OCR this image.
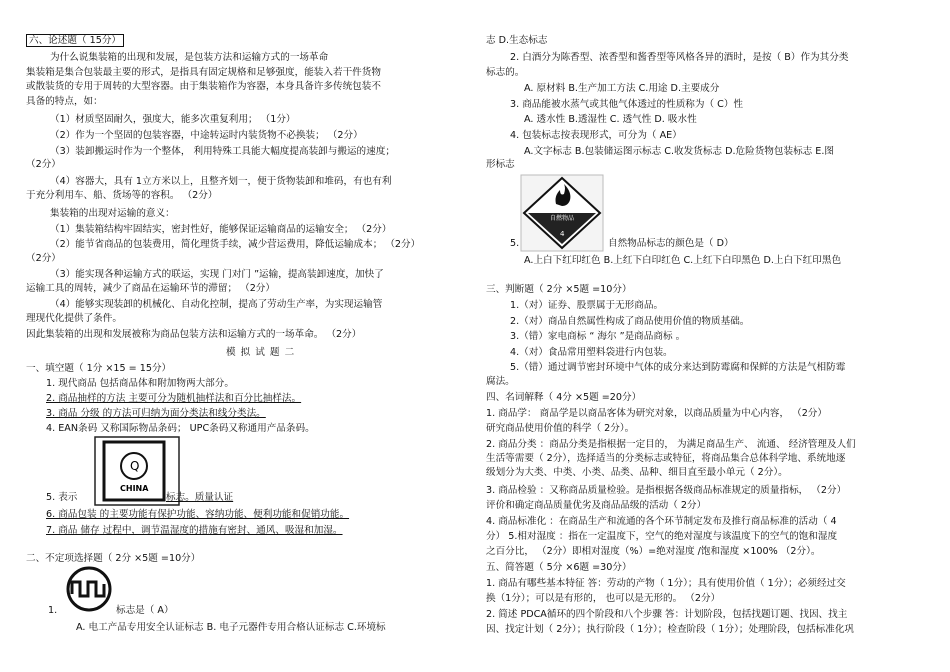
六、论述题（ 15分）
为什么说集装箱的出现和发展，是包装方法和运输方式的一场革命
集装箱是集合包装最主要的形式，是指具有固定规格和足够强度，能装入若干件货物
或散装货的专用于周转的大型容器。由于集装箱作为容器，本身具备许多传统包装不
具备的特点，如：
（1）材质坚固耐久，强度大，能多次重复利用； （1分）
（2）作为一个坚固的包装容器，中途转运时内装货物不必换装； （2分）
（3）装卸搬运时作为一个整体， 利用特殊工具能大幅度提高装卸与搬运的速度；
（2分）
（4）容器大，具有 1立方米以上，且整齐划一，便于货物装卸和堆码，有也有利
于充分利用车、船、货场等的容积。 （2分）
集装箱的出现对运输的意义：
（1）集装箱结构牢固结实，密封性好，能够保证运输商品的运输安全； （2分）
（2）能节省商品的包装费用，简化理货手续，减少营运费用，降低运输成本； （2分）
（2分）
（3）能实现各种运输方式的联运，实现 门对门 ”运输，提高装卸速度，加快了
运输工具的周转，减少了商品在运输环节的滞留； （2分）
（4）能够实现装卸的机械化、自动化控制，提高了劳动生产率，为实现运输管
理现代化提供了条件。
因此集装箱的出现和发展被称为商品包装方法和运输方式的一场革命。 （2分）
模 拟 试 题 二
一、填空题（ 1分 ×15 = 15分）
1. 现代商品 包括商品体和附加物两大部分。
2. 商品抽样的方法 主要可分为随机抽样法和百分比抽样法。
3. 商品 分级 的方法可归纳为面分类法和线分类法。
4. EAN条码 又称国际物品条码； UPC条码又称通用产品条码。
Q
CHINA
5. 表示	标志。质量认证
6. 商品包装 的主要功能有保护功能、容纳功能、便利功能和促销功能。
7. 商品 储存 过程中，调节温湿度的措施有密封、通风、吸湿和加湿。
二、不定项选择题（ 2分 ×5题 =10分）
1.	标志是（ A）
A. 电工产品专用安全认证标志 B. 电子元器件专用合格认证标志 C.环境标
志 D.生态标志
2. 白酒分为陈香型、浓香型和酱香型等风格各异的酒时，是按（ B）作为其分类
标志的。
A. 原材料 B.生产加工方法 C.用途 D.主要成分
3. 商品能被水蒸气或其他气体透过的性质称为（ C）性
A. 透水性 B.透湿性 C. 透气性 D. 吸水性
4. 包装标志按表现形式，可分为（ AE）
A.文字标志 B.包装储运图示标志 C.收发货标志 D.危险货物包装标志 E.图
形标志
自燃物品
4
5.	自然物品标志的颜色是（ D）
A.上白下红印红色 B.上红下白印红色 C.上红下白印黑色 D.上白下红印黑色
三、判断题（ 2分 ×5题 =10分）
1.（对）证券、股票属于无形商品。
2.（对）商品自然属性构成了商品使用价值的物质基础。
3.（错）家电商标 “ 海尔 ”是商品商标 。
4.（对）食品常用塑料袋进行内包装。
5.（错）通过调节密封环境中气体的成分来达到防霉腐和保鲜的方法是气相防霉
腐法。
四、名词解释（ 4分 ×5题 =20分）
1. 商品学： 商品学是以商品客体为研究对象，以商品质量为中心内容， （2分）
研究商品使用价值的科学（ 2分）。
2. 商品分类 ：商品分类是指根据一定目的， 为满足商品生产、 流通、 经济管理及人们
生活等需要（ 2分），选择适当的分类标志或特征，将商品集合总体科学地、系统地逐
级划分为大类、中类、小类、品类、品种、细目直至最小单元（ 2分）。
3. 商品检验 ：又称商品质量检验。是指根据各级商品标准规定的质量指标， （2分）
评价和确定商品质量优劣及商品品级的活动（ 2分）
4. 商品标准化 ：在商品生产和流通的各个环节制定发布及推行商品标准的活动（ 4
分） 5.相对湿度 ：指在一定温度下，空气的绝对湿度与该温度下的空气的饱和湿度
之百分比， （2分）即相对湿度（%）=绝对湿度 /饱和湿度 ×100% （2分）。
五、简答题（ 5分 ×6题 =30分）
1. 商品有哪些基本特征 答：劳动的产物（ 1分）；具有使用价值（ 1分）；必须经过交
换（1分）；可以是有形的， 也可以是无形的。 （2分）
2. 简述 PDCA循环的四个阶段和八个步骤 答：计划阶段，包括找题订题、找因、找主
因、找定计划（ 2分）；执行阶段（ 1分）；检查阶段（ 1分）；处理阶段，包括标准化巩
